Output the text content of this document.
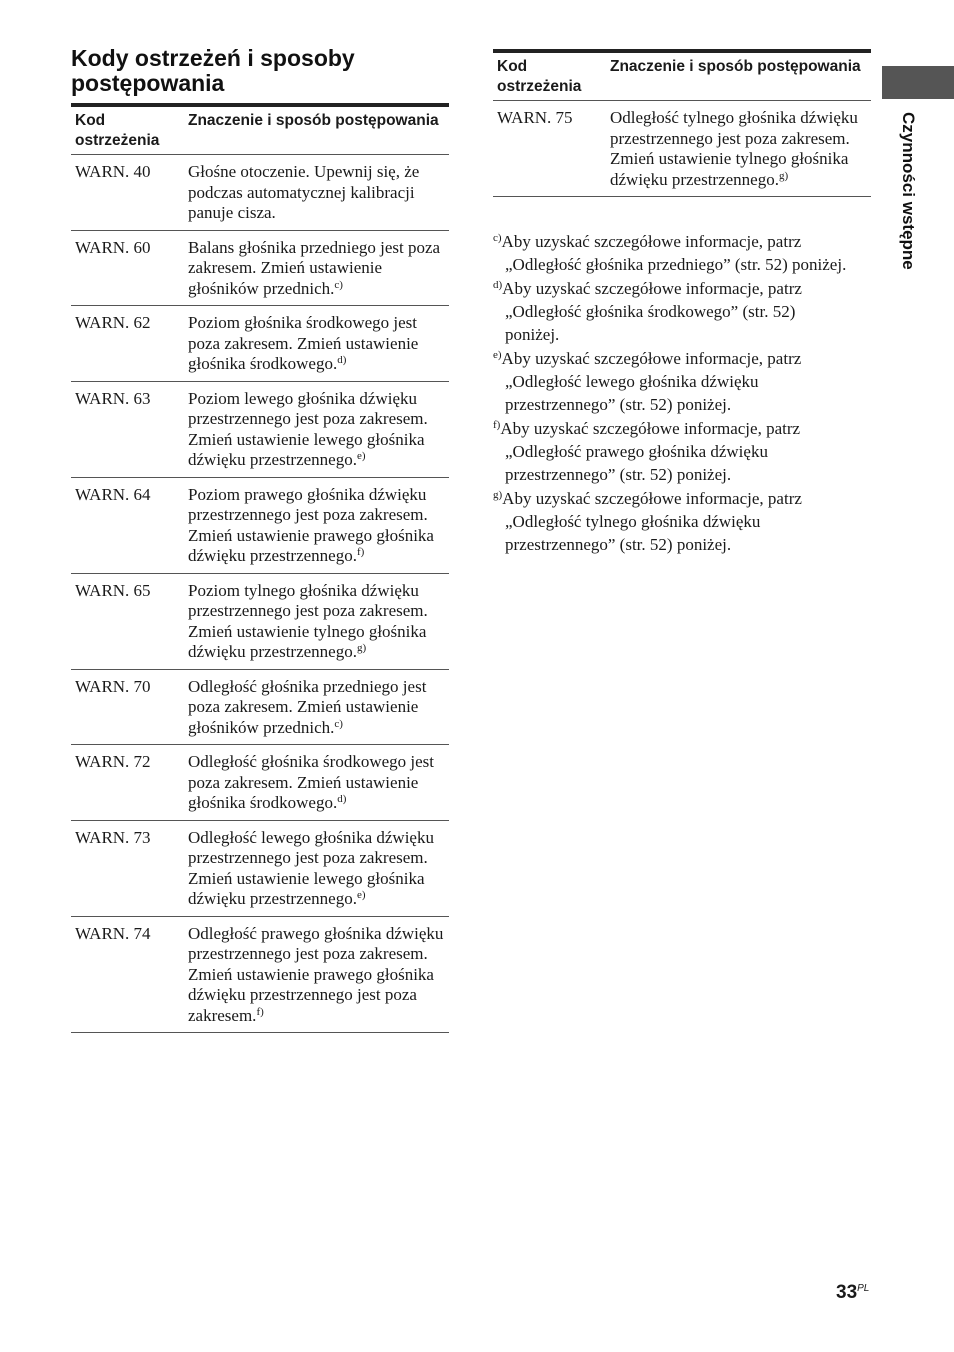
Kody ostrzeżeń i sposoby postępowania
Kod ostrzeżenia	Znaczenie i sposób postępowania
WARN. 40	Głośne otoczenie. Upewnij się, że podczas automatycznej kalibracji panuje cisza.
WARN. 60	Balans głośnika przedniego jest poza zakresem. Zmień ustawienie głośników przednich.$^{c)}$
WARN. 62	Poziom głośnika środkowego jest poza zakresem. Zmień ustawienie głośnika środkowego.$^{d)}$
WARN. 63	Poziom lewego głośnika dźwięku przestrzennego jest poza zakresem. Zmień ustawienie lewego głośnika dźwięku przestrzennego.$^{e)}$
WARN. 64	Poziom prawego głośnika dźwięku przestrzennego jest poza zakresem. Zmień ustawienie prawego głośnika dźwięku przestrzennego.$^{f)}$
WARN. 65	Poziom tylnego głośnika dźwięku przestrzennego jest poza zakresem. Zmień ustawienie tylnego głośnika dźwięku przestrzennego.$^{g)}$
WARN. 70	Odległość głośnika przedniego jest poza zakresem. Zmień ustawienie głośników przednich.$^{c)}$
WARN. 72	Odległość głośnika środkowego jest poza zakresem. Zmień ustawienie głośnika środkowego.$^{d)}$
WARN. 73	Odległość lewego głośnika dźwięku przestrzennego jest poza zakresem. Zmień ustawienie lewego głośnika dźwięku przestrzennego.$^{e)}$
WARN. 74	Odległość prawego głośnika dźwięku przestrzennego jest poza zakresem. Zmień ustawienie prawego głośnika dźwięku przestrzennego jest poza zakresem.$^{f)}$
Kod ostrzeżenia	Znaczenie i sposób postępowania
WARN. 75	Odległość tylnego głośnika dźwięku przestrzennego jest poza zakresem. Zmień ustawienie tylnego głośnika dźwięku przestrzennego.$^{g)}$

$^{c)}$Aby uzyskać szczegółowe informacje, patrz „Odległość głośnika przedniego” (str. 52) poniżej.

$^{d)}$Aby uzyskać szczegółowe informacje, patrz „Odległość głośnika środkowego” (str. 52) poniżej.

$^{e)}$Aby uzyskać szczegółowe informacje, patrz „Odległość lewego głośnika dźwięku przestrzennego” (str. 52) poniżej.

$^{f)}$Aby uzyskać szczegółowe informacje, patrz „Odległość prawego głośnika dźwięku przestrzennego” (str. 52) poniżej.

$^{g)}$Aby uzyskać szczegółowe informacje, patrz „Odległość tylnego głośnika dźwięku przestrzennego” (str. 52) poniżej.

Czynności wstępne
$33^{PL}$
